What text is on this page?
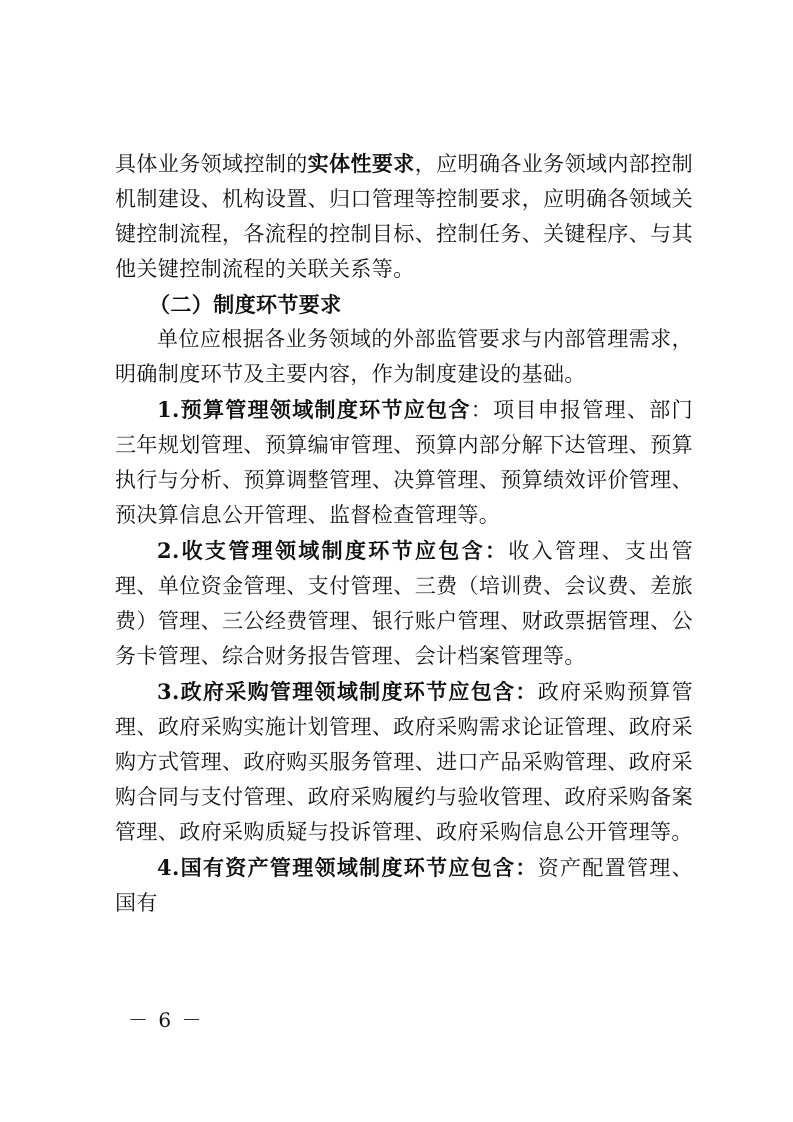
具体业务领域控制的实体性要求，应明确各业务领域内部控制机制建设、机构设置、归口管理等控制要求，应明确各领域关键控制流程，各流程的控制目标、控制任务、关键程序、与其他关键控制流程的关联关系等。

（二）制度环节要求

单位应根据各业务领域的外部监管要求与内部管理需求，明确制度环节及主要内容，作为制度建设的基础。

1.预算管理领域制度环节应包含：项目申报管理、部门三年规划管理、预算编审管理、预算内部分解下达管理、预算执行与分析、预算调整管理、决算管理、预算绩效评价管理、预决算信息公开管理、监督检查管理等。

2.收支管理领域制度环节应包含：收入管理、支出管理、单位资金管理、支付管理、三费（培训费、会议费、差旅费）管理、三公经费管理、银行账户管理、财政票据管理、公务卡管理、综合财务报告管理、会计档案管理等。

3.政府采购管理领域制度环节应包含：政府采购预算管理、政府采购实施计划管理、政府采购需求论证管理、政府采购方式管理、政府购买服务管理、进口产品采购管理、政府采购合同与支付管理、政府采购履约与验收管理、政府采购备案管理、政府采购质疑与投诉管理、政府采购信息公开管理等。

4.国有资产管理领域制度环节应包含：资产配置管理、国有

－ 6 －
